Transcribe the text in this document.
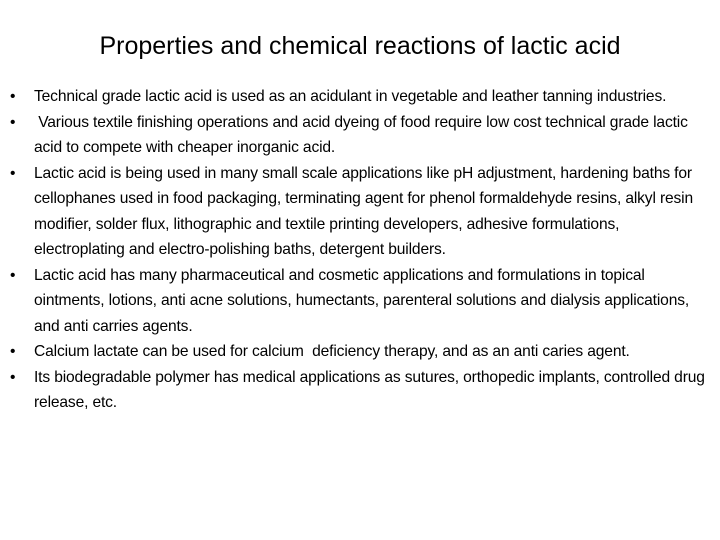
Properties and chemical reactions of lactic acid
•	Technical grade lactic acid is used as an acidulant in vegetable and leather tanning industries.
•	Various textile finishing operations and acid dyeing of food require low cost technical grade lactic acid to compete with cheaper inorganic acid.
•	Lactic acid is being used in many small scale applications like pH adjustment, hardening baths for cellophanes used in food packaging, terminating agent for phenol formaldehyde resins, alkyl resin modifier, solder flux, lithographic and textile printing developers, adhesive formulations, electroplating and electro-polishing baths, detergent builders.
•	Lactic acid has many pharmaceutical and cosmetic applications and formulations in topical ointments, lotions, anti acne solutions, humectants, parenteral solutions and dialysis applications, and anti carries agents.
•	Calcium lactate can be used for calcium  deficiency therapy, and as an anti caries agent.
•	Its biodegradable polymer has medical applications as sutures, orthopedic implants, controlled drug release, etc.
